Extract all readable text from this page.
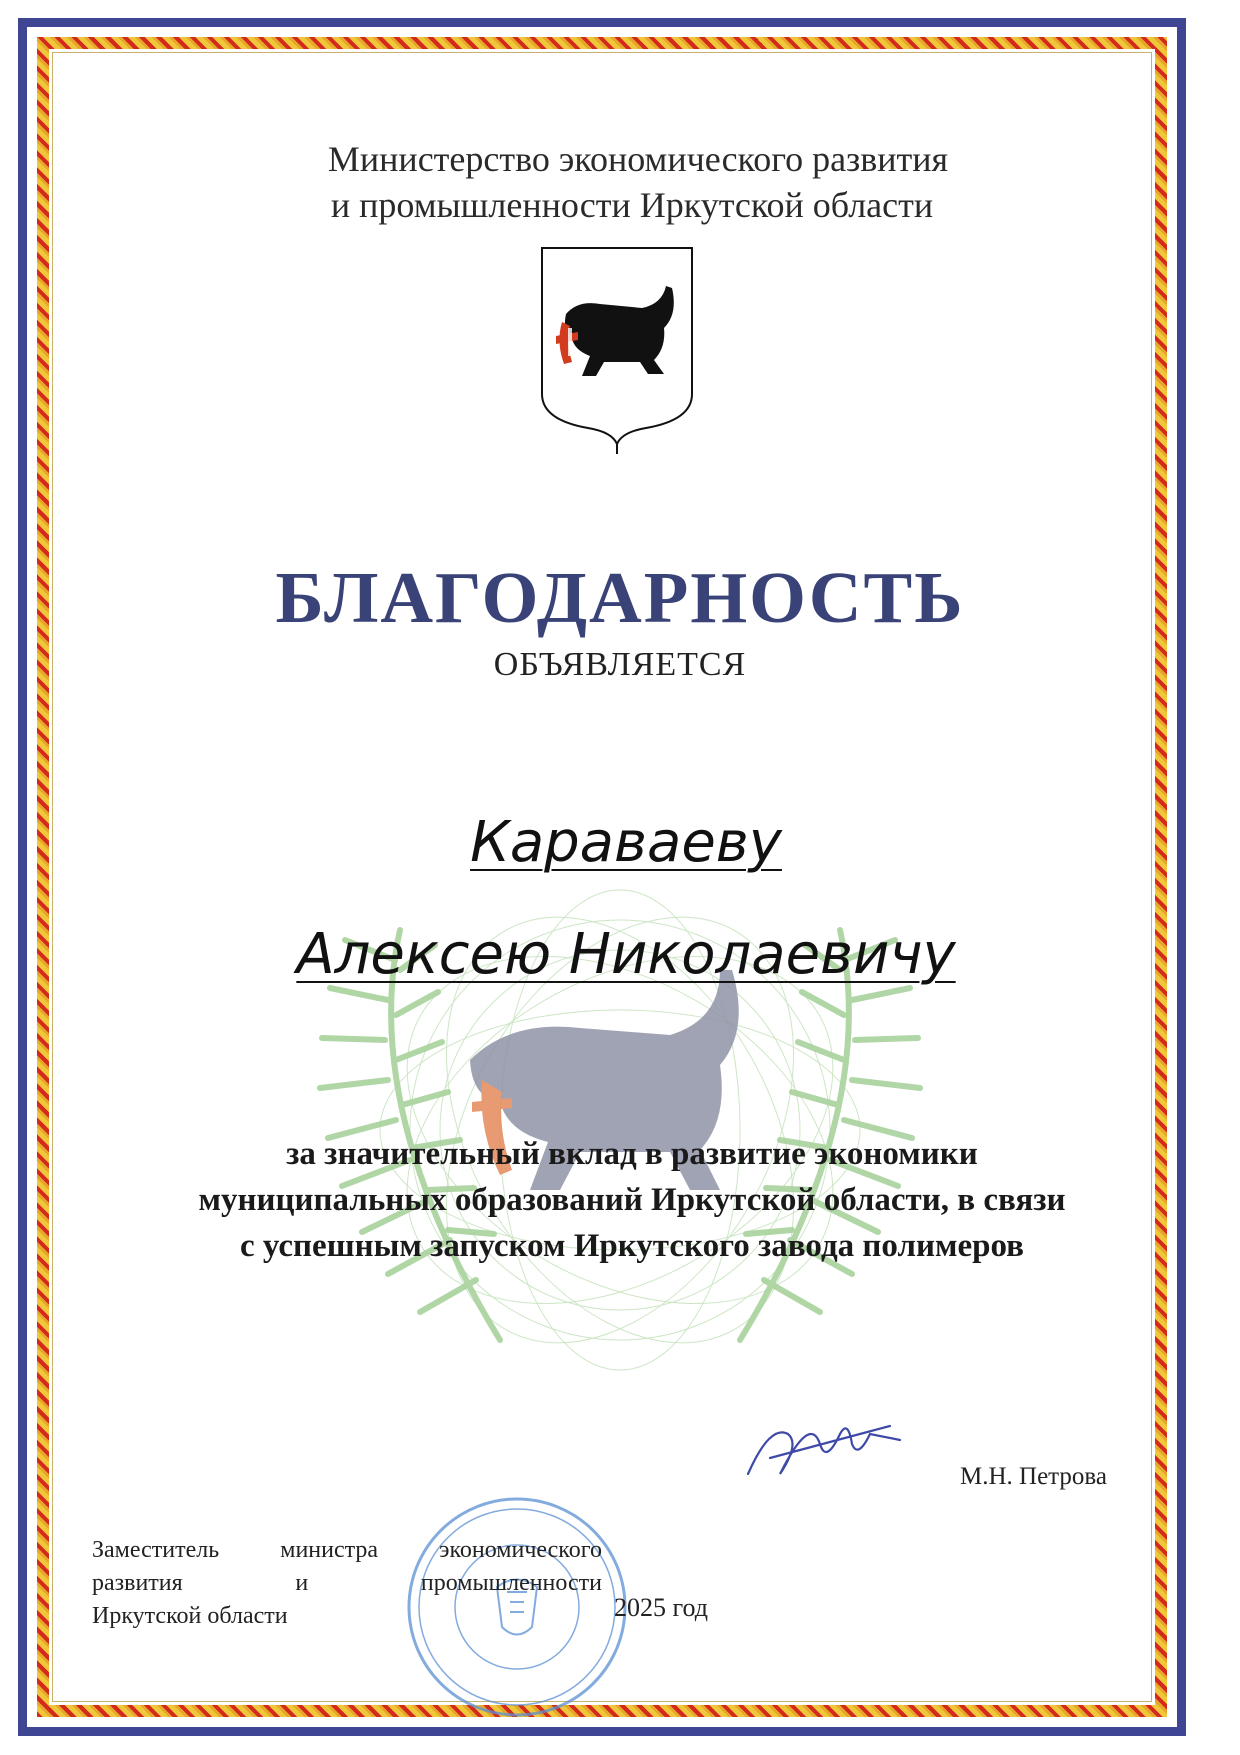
Министерство экономического развития
и промышленности Иркутской области
БЛАГОДАРНОСТЬ
ОБЪЯВЛЯЕТСЯ
Караваеву
Алексею Николаевичу
за значительный вклад в развитие экономики
муниципальных образований Иркутской области, в связи
с успешным запуском Иркутского завода полимеров
Заместитель	министра	экономического
развития	и	промышленности
Иркутской области
М.Н. Петрова
2025 год
